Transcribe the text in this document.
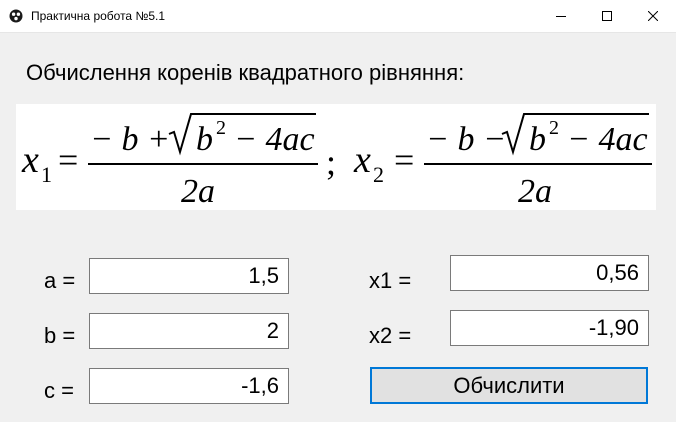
Практична робота №5.1
Обчислення коренів квадратного рівняння:
x 1 =
− b + b 2 − 4ac
2a
; x 2 =
− b − b 2 − 4ac
2a
a =
1,5
b =
2
c =
-1,6
x1 =
0,56
x2 =
-1,90
Обчислити
